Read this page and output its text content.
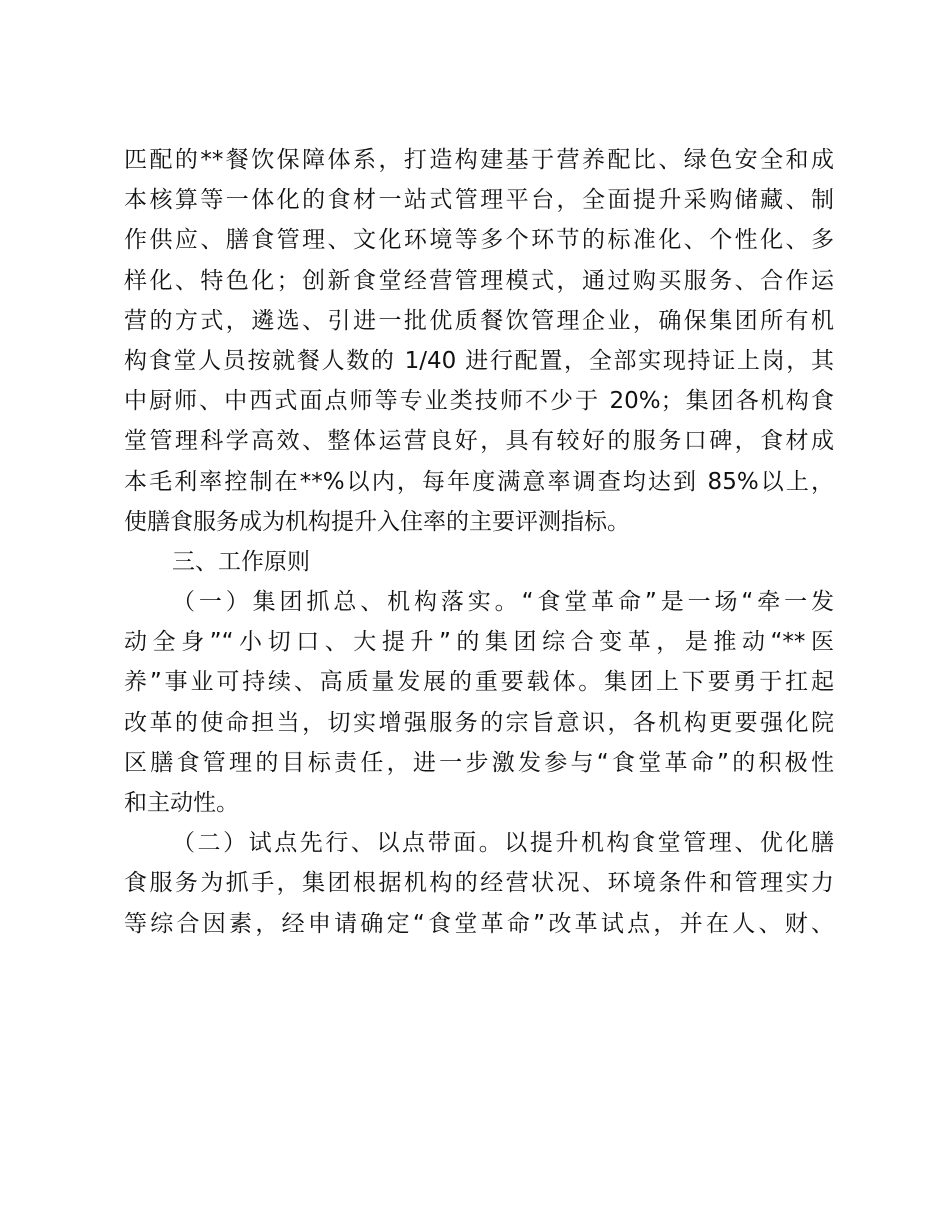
匹配的**餐饮保障体系，打造构建基于营养配比、绿色安全和成
本核算等一体化的食材一站式管理平台，全面提升采购储藏、制
作供应、膳食管理、文化环境等多个环节的标准化、个性化、多
样化、特色化；创新食堂经营管理模式，通过购买服务、合作运
营的方式，遴选、引进一批优质餐饮管理企业，确保集团所有机
构食堂人员按就餐人数的 1/40 进行配置，全部实现持证上岗，其
中厨师、中西式面点师等专业类技师不少于 20%；集团各机构食
堂管理科学高效、整体运营良好，具有较好的服务口碑，食材成
本毛利率控制在**%以内，每年度满意率调查均达到 85%以上，
使膳食服务成为机构提升入住率的主要评测指标。
三、工作原则
（一）集团抓总、机构落实。“食堂革命”是一场“牵一发
动全身”“小切口、大提升”的集团综合变革，是推动“**医
养”事业可持续、高质量发展的重要载体。集团上下要勇于扛起
改革的使命担当，切实增强服务的宗旨意识，各机构更要强化院
区膳食管理的目标责任，进一步激发参与“食堂革命”的积极性
和主动性。
（二）试点先行、以点带面。以提升机构食堂管理、优化膳
食服务为抓手，集团根据机构的经营状况、环境条件和管理实力
等综合因素，经申请确定“食堂革命”改革试点，并在人、财、
